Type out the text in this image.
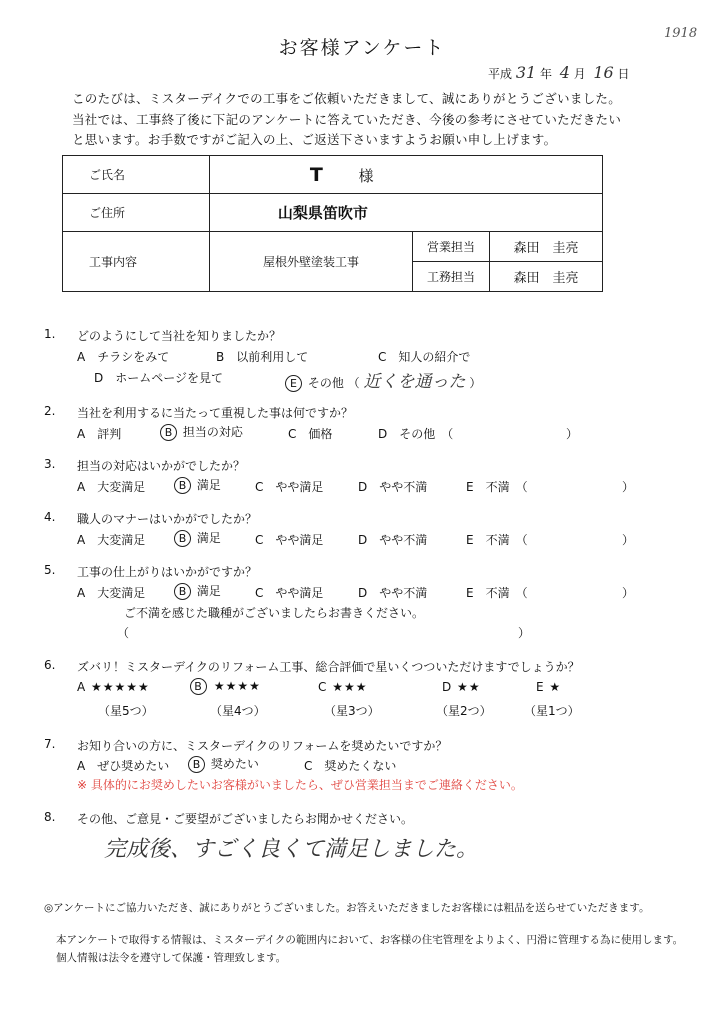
お客様アンケート
1918
平成 31 年 4 月 16 日
このたびは、ミスターデイクでの工事をご依頼いただきまして、誠にありがとうございました。
当社では、工事終了後に下記のアンケートに答えていただき、今後の参考にさせていただきたい
と思います。お手数ですがご記入の上、ご返送下さいますようお願い申し上げます。
ご氏名	T 様		
ご住所	山梨県笛吹市		
工事内容	屋根外壁塗装工事	営業担当	森田　圭亮
		工務担当	森田　圭亮
1. どのようにして当社を知りましたか？
A　チラシをみて	B　以前利用して	C　知人の紹介で
D　ホームページを見て	E その他 （ 近くを通った ）
2. 当社を利用するに当たって重視した事は何ですか？
A　評判	B 担当の対応	C　価格	D　その他　（	）
3. 担当の対応はいかがでしたか？
A　大変満足	B 満足	C　やや満足	D　やや不満	E　不満　（	）
4. 職人のマナーはいかがでしたか？
A　大変満足	B 満足	C　やや満足	D　やや不満	E　不満　（	）
5. 工事の仕上がりはいかがですか？
A　大変満足	B 満足	C　やや満足	D　やや不満	E　不満　（	）
ご不満を感じた職種がございましたらお書きください。
（	）
6. ズバリ！ミスターデイクのリフォーム工事、総合評価で星いくつついただけますでしょうか？
A ★★★★★	B ★★★★	C ★★★	D ★★	E ★
（星5つ）	（星4つ）	（星3つ）	（星2つ）	（星1つ）
7. お知り合いの方に、ミスターデイクのリフォームを奨めたいですか？
A　ぜひ奨めたい	B 奨めたい	C　奨めたくない
※ 具体的にお奨めしたいお客様がいましたら、ぜひ営業担当までご連絡ください。
8. その他、ご意見・ご要望がございましたらお聞かせください。
完成後、すごく良くて満足しました。
◎アンケートにご協力いただき、誠にありがとうございました。お答えいただきましたお客様には粗品を送らせていただきます。
本アンケートで取得する情報は、ミスターデイクの範囲内において、お客様の住宅管理をよりよく、円滑に管理する為に使用します。
個人情報は法令を遵守して保護・管理致します。
